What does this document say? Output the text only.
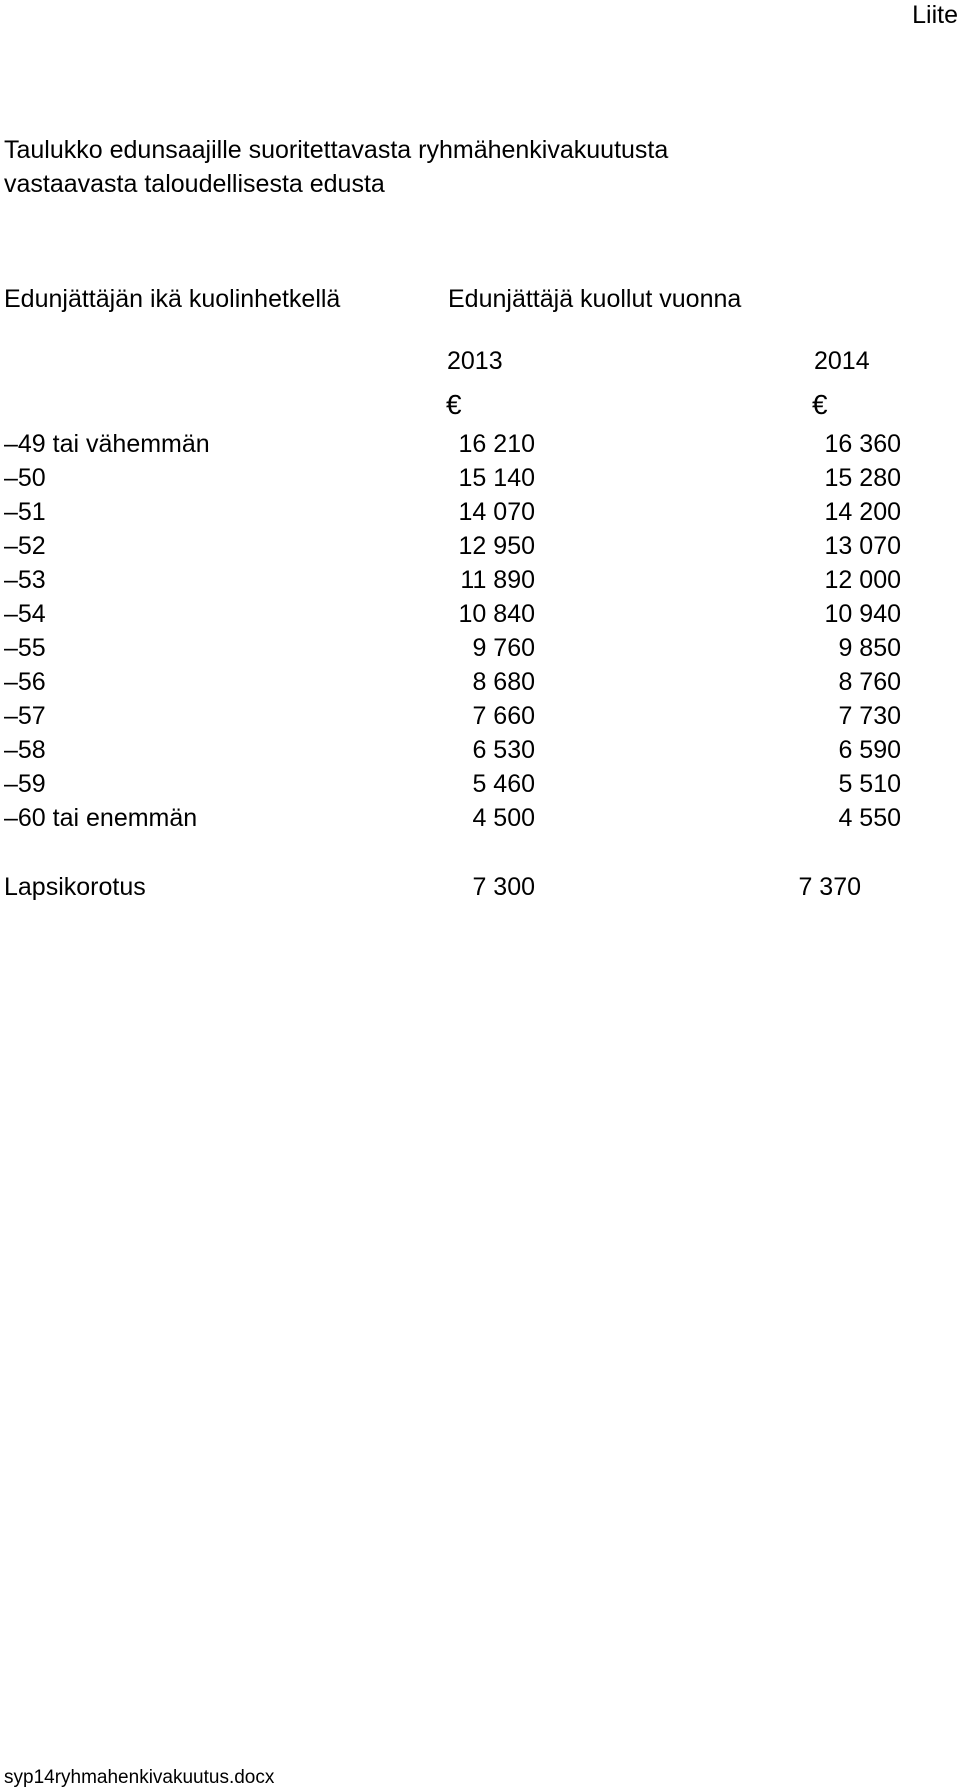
Liite
Taulukko edunsaajille suoritettavasta ryhmähenkivakuutusta
vastaavasta taloudellisesta edusta
Edunjättäjän ikä kuolinhetkellä	Edunjättäjä kuollut vuonna
2013	2014
€	€
–49 tai vähemmän	16 210	16 360
–50	15 140	15 280
–51	14 070	14 200
–52	12 950	13 070
–53	11 890	12 000
–54	10 840	10 940
–55	9 760	9 850
–56	8 680	8 760
–57	7 660	7 730
–58	6 530	6 590
–59	5 460	5 510
–60 tai enemmän	4 500	4 550
Lapsikorotus	7 300	7 370
syp14ryhmahenkivakuutus.docx
